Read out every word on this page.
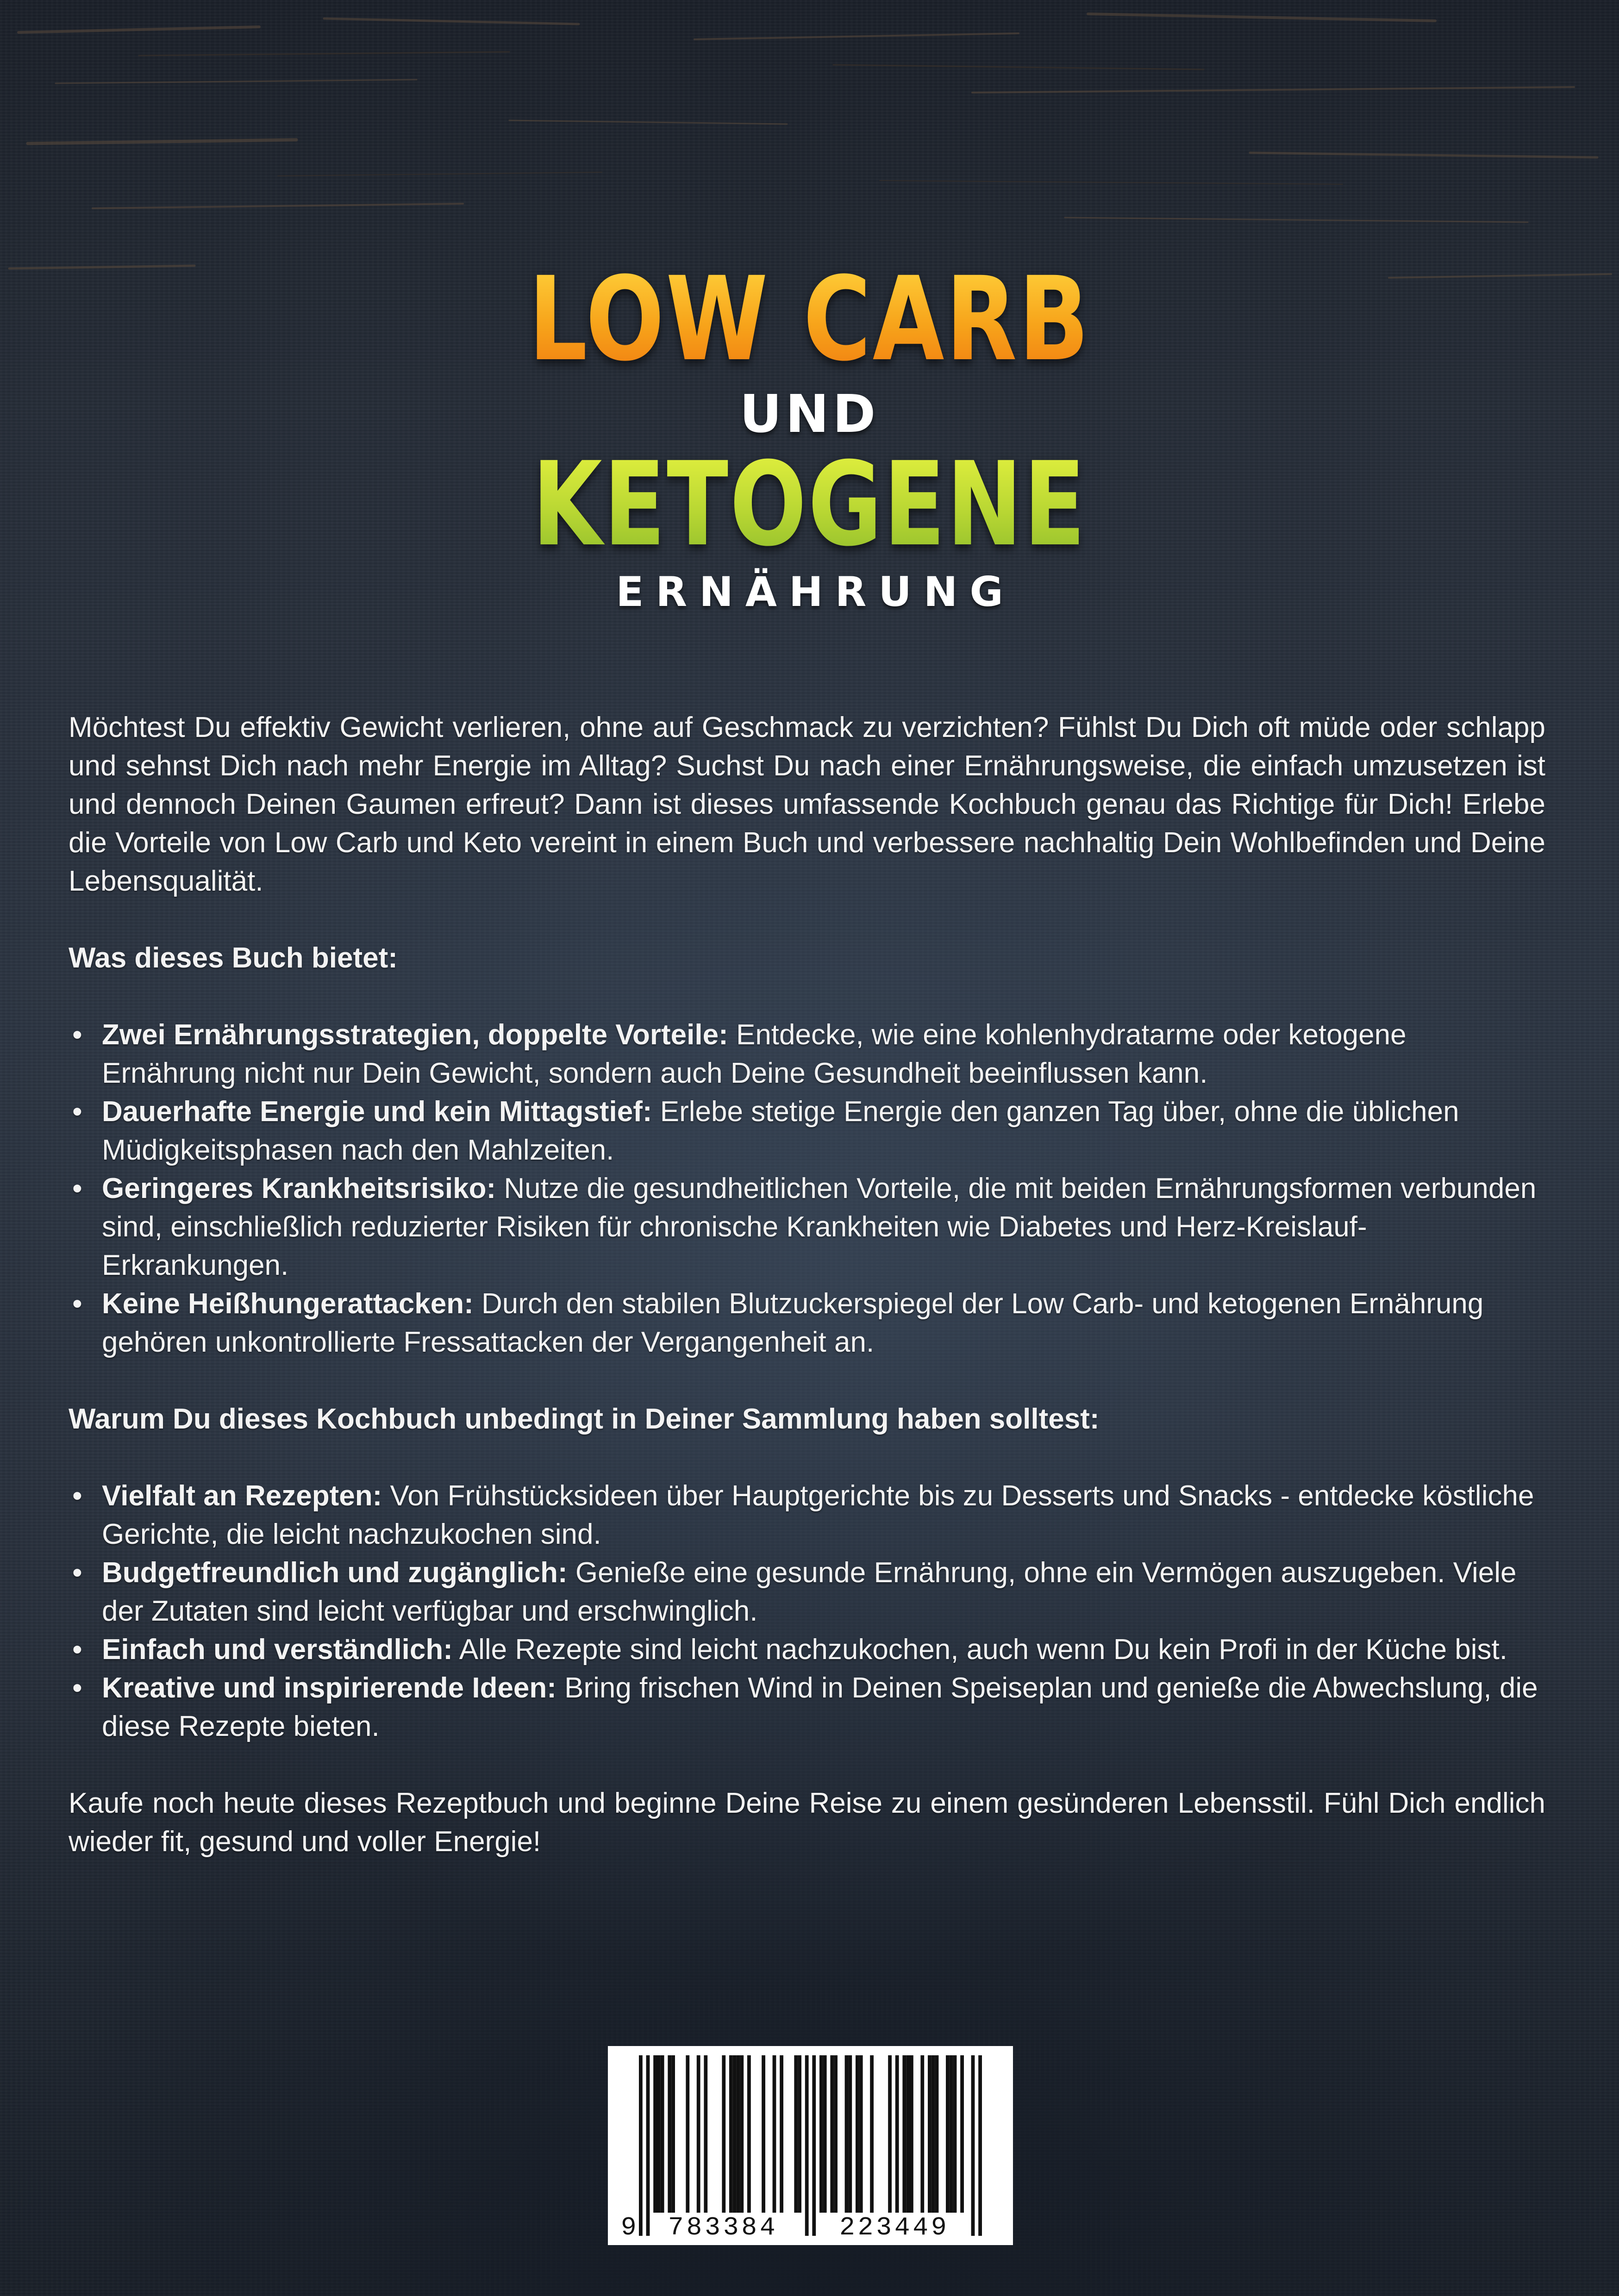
LOW CARB
UND
KETOGENE
ERNÄHRUNG

Möchtest Du effektiv Gewicht verlieren, ohne auf Geschmack zu verzichten? Fühlst Du Dich oft müde oder schlapp und sehnst Dich nach mehr Energie im Alltag? Suchst Du nach einer Ernährungsweise, die einfach umzusetzen ist und dennoch Deinen Gaumen erfreut? Dann ist dieses umfassende Kochbuch genau das Richtige für Dich! Erlebe die Vorteile von Low Carb und Keto vereint in einem Buch und verbessere nachhaltig Dein Wohlbefinden und Deine Lebensqualität.

Was dieses Buch bietet:

• Zwei Ernährungsstrategien, doppelte Vorteile: Entdecke, wie eine kohlenhydratarme oder ketogene Ernährung nicht nur Dein Gewicht, sondern auch Deine Gesundheit beeinflussen kann.
• Dauerhafte Energie und kein Mittagstief: Erlebe stetige Energie den ganzen Tag über, ohne die üblichen Müdigkeitsphasen nach den Mahlzeiten.
• Geringeres Krankheitsrisiko: Nutze die gesundheitlichen Vorteile, die mit beiden Ernährungsformen verbunden sind, einschließlich reduzierter Risiken für chronische Krankheiten wie Diabetes und Herz-Kreislauf-Erkrankungen.
• Keine Heißhungerattacken: Durch den stabilen Blutzuckerspiegel der Low Carb- und ketogenen Ernährung gehören unkontrollierte Fressattacken der Vergangenheit an.

Warum Du dieses Kochbuch unbedingt in Deiner Sammlung haben solltest:

• Vielfalt an Rezepten: Von Frühstücksideen über Hauptgerichte bis zu Desserts und Snacks - entdecke köstliche Gerichte, die leicht nachzukochen sind.
• Budgetfreundlich und zugänglich: Genieße eine gesunde Ernährung, ohne ein Vermögen auszugeben. Viele der Zutaten sind leicht verfügbar und erschwinglich.
• Einfach und verständlich: Alle Rezepte sind leicht nachzukochen, auch wenn Du kein Profi in der Küche bist.
• Kreative und inspirierende Ideen: Bring frischen Wind in Deinen Speiseplan und genieße die Abwechslung, die diese Rezepte bieten.

Kaufe noch heute dieses Rezeptbuch und beginne Deine Reise zu einem gesünderen Lebensstil. Fühl Dich endlich wieder fit, gesund und voller Energie!

9 783384 223449
